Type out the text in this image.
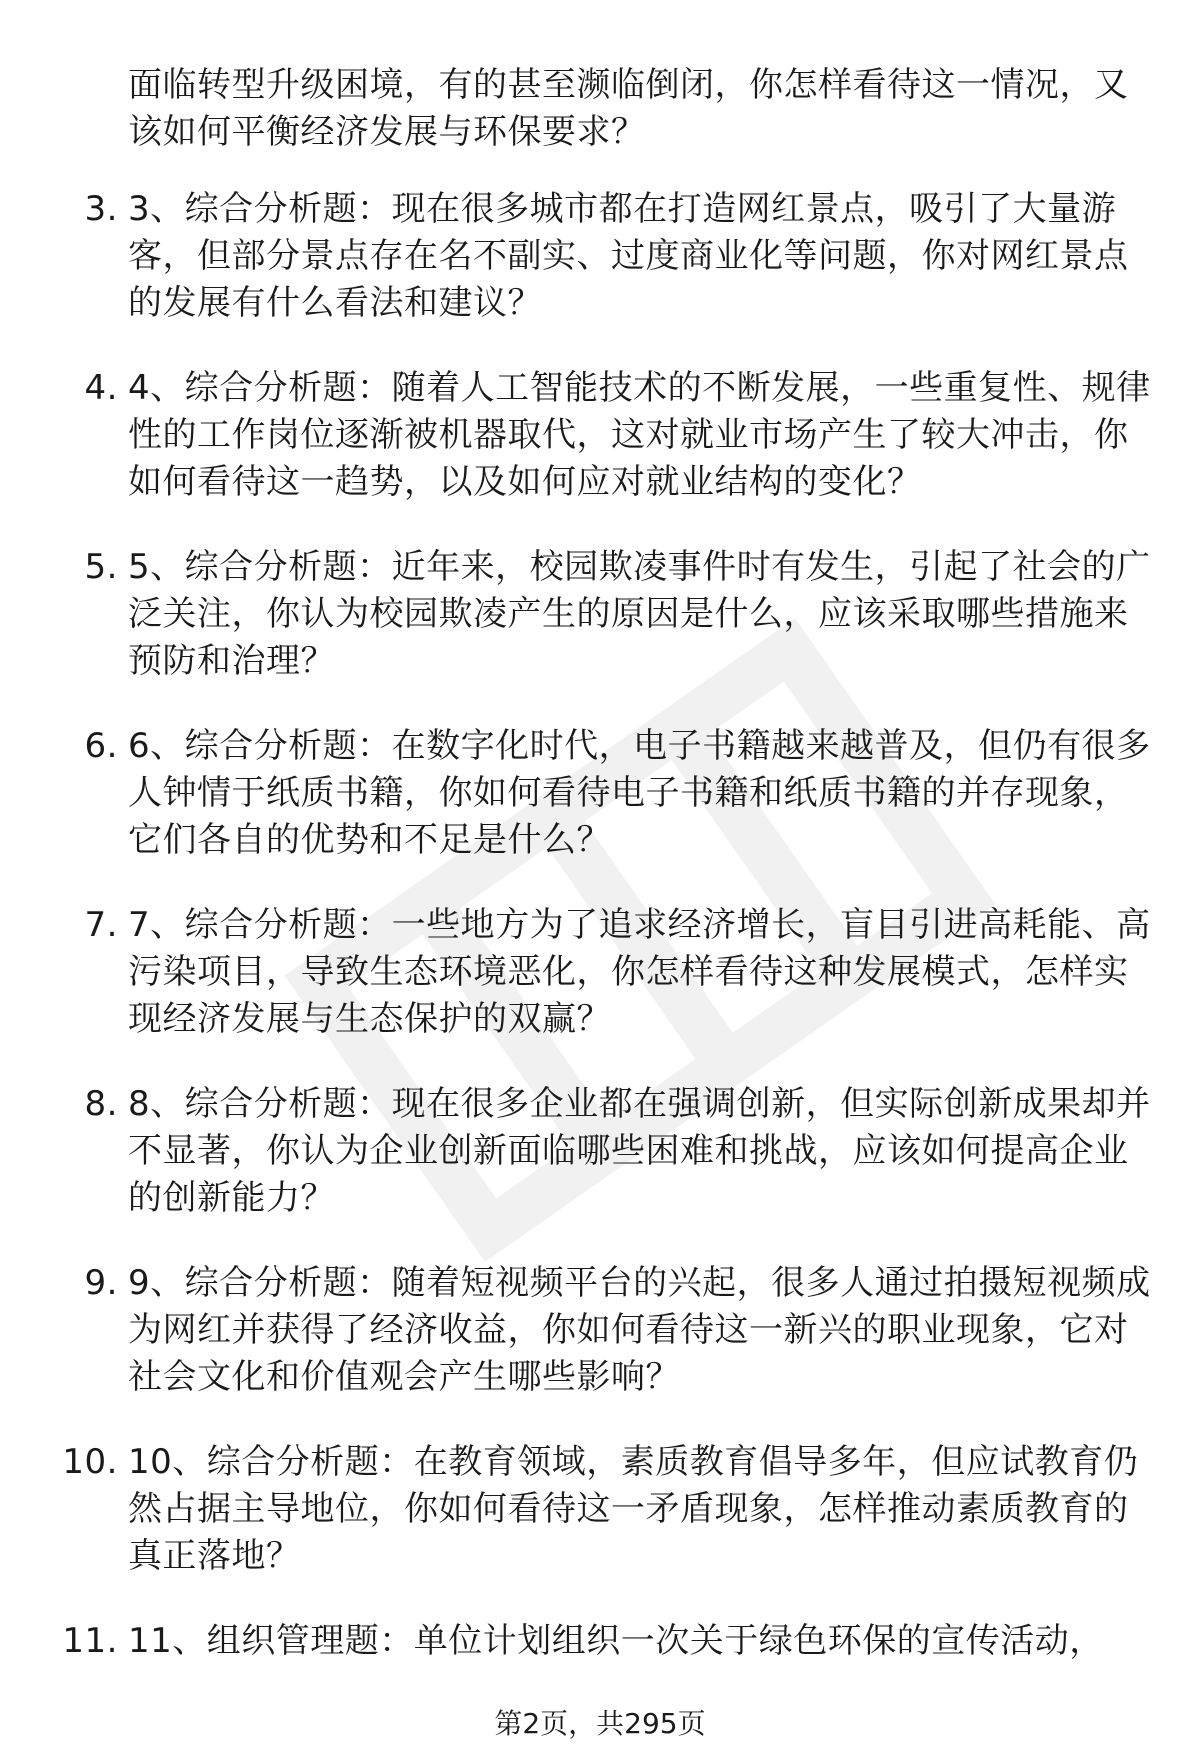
面临转型升级困境，有的甚至濒临倒闭，你怎样看待这一情况，又该如何平衡经济发展与环保要求？

3. 3、综合分析题：现在很多城市都在打造网红景点，吸引了大量游客，但部分景点存在名不副实、过度商业化等问题，你对网红景点的发展有什么看法和建议？
4. 4、综合分析题：随着人工智能技术的不断发展，一些重复性、规律性的工作岗位逐渐被机器取代，这对就业市场产生了较大冲击，你如何看待这一趋势，以及如何应对就业结构的变化？
5. 5、综合分析题：近年来，校园欺凌事件时有发生，引起了社会的广泛关注，你认为校园欺凌产生的原因是什么，应该采取哪些措施来预防和治理？
6. 6、综合分析题：在数字化时代，电子书籍越来越普及，但仍有很多人钟情于纸质书籍，你如何看待电子书籍和纸质书籍的并存现象，它们各自的优势和不足是什么？
7. 7、综合分析题：一些地方为了追求经济增长，盲目引进高耗能、高污染项目，导致生态环境恶化，你怎样看待这种发展模式，怎样实现经济发展与生态保护的双赢？
8. 8、综合分析题：现在很多企业都在强调创新，但实际创新成果却并不显著，你认为企业创新面临哪些困难和挑战，应该如何提高企业的创新能力？
9. 9、综合分析题：随着短视频平台的兴起，很多人通过拍摄短视频成为网红并获得了经济收益，你如何看待这一新兴的职业现象，它对社会文化和价值观会产生哪些影响？
10. 10、综合分析题：在教育领域，素质教育倡导多年，但应试教育仍然占据主导地位，你如何看待这一矛盾现象，怎样推动素质教育的真正落地？
11. 11、组织管理题：单位计划组织一次关于绿色环保的宣传活动，
第2页，共295页
